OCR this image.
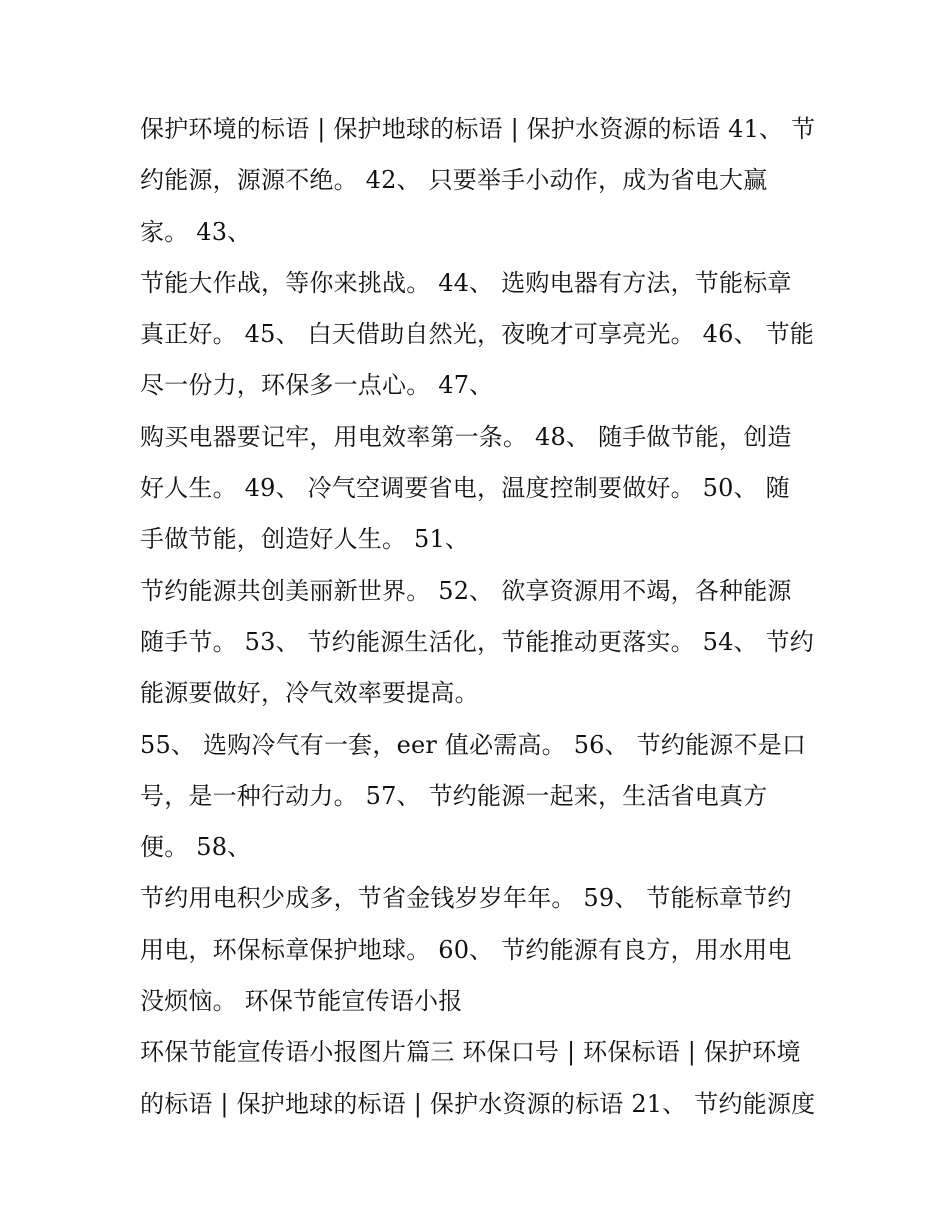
保护环境的标语 | 保护地球的标语 | 保护水资源的标语 41、 节
约能源，源源不绝。 42、 只要举手小动作，成为省电大赢
家。 43、
节能大作战，等你来挑战。 44、 选购电器有方法，节能标章
真正好。 45、 白天借助自然光，夜晚才可享亮光。 46、 节能
尽一份力，环保多一点心。 47、
购买电器要记牢，用电效率第一条。 48、 随手做节能，创造
好人生。 49、 冷气空调要省电，温度控制要做好。 50、 随
手做节能，创造好人生。 51、
节约能源共创美丽新世界。 52、 欲享资源用不竭，各种能源
随手节。 53、 节约能源生活化，节能推动更落实。 54、 节约
能源要做好，冷气效率要提高。
55、 选购冷气有一套，eer 值必需高。 56、 节约能源不是口
号，是一种行动力。 57、 节约能源一起来，生活省电真方
便。 58、
节约用电积少成多，节省金钱岁岁年年。 59、 节能标章节约
用电，环保标章保护地球。 60、 节约能源有良方，用水用电
没烦恼。 环保节能宣传语小报
环保节能宣传语小报图片篇三 环保口号 | 环保标语 | 保护环境
的标语 | 保护地球的标语 | 保护水资源的标语 21、 节约能源度
